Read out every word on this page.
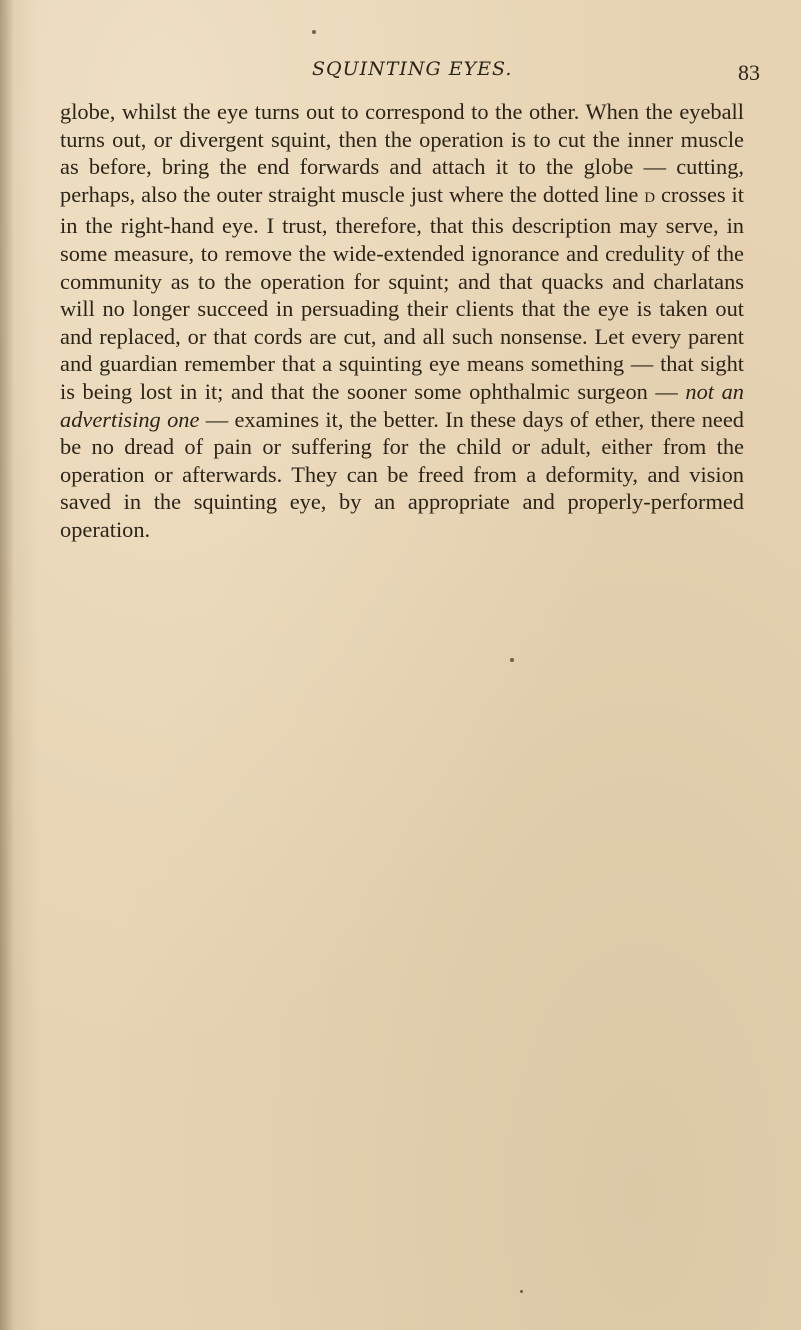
SQUINTING EYES.	83

globe, whilst the eye turns out to correspond to the other. When the eyeball turns out, or divergent squint, then the operation is to cut the inner muscle as before, bring the end forwards and attach it to the globe — cutting, perhaps, also the outer straight muscle just where the dotted line D crosses it in the right-hand eye. I trust, therefore, that this description may serve, in some measure, to remove the wide-extended ignorance and credulity of the community as to the operation for squint; and that quacks and charlatans will no longer succeed in persuading their clients that the eye is taken out and replaced, or that cords are cut, and all such nonsense. Let every parent and guardian remember that a squinting eye means something — that sight is being lost in it; and that the sooner some ophthalmic surgeon — not an advertising one — examines it, the better. In these days of ether, there need be no dread of pain or suffering for the child or adult, either from the operation or afterwards. They can be freed from a deformity, and vision saved in the squinting eye, by an appropriate and properly-performed operation.
